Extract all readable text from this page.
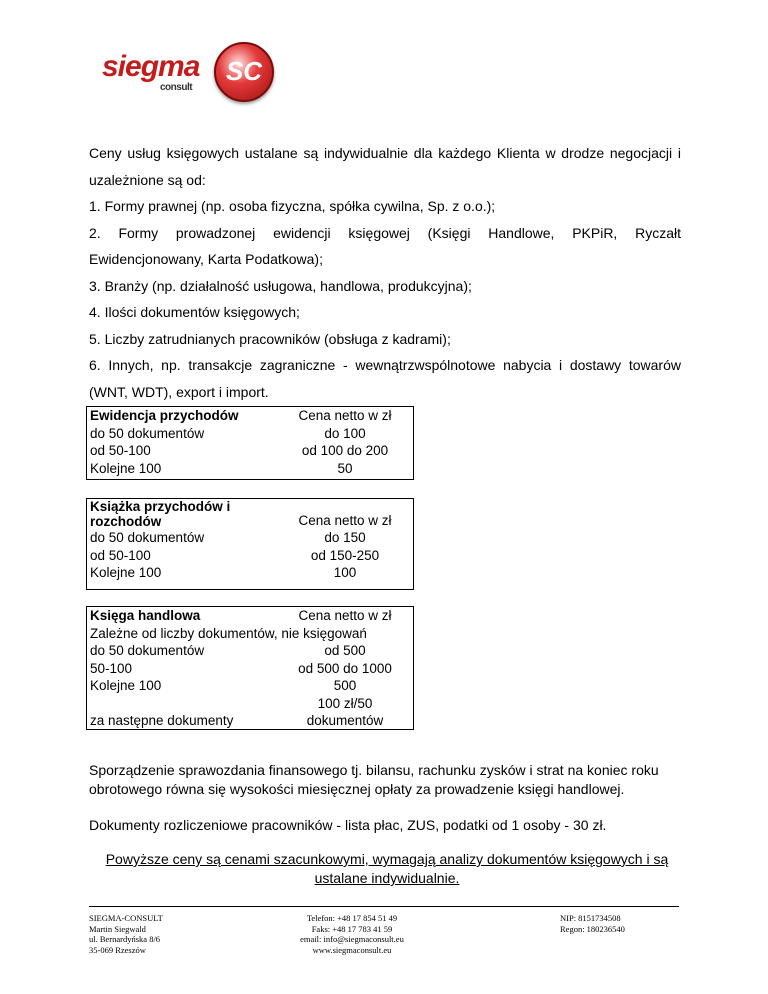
siegma
consult
SC

Ceny usług księgowych ustalane są indywidualnie dla każdego Klienta w drodze negocjacji i

uzależnione są od:

1. Formy prawnej (np. osoba fizyczna, spółka cywilna, Sp. z o.o.);

2. Formy prowadzonej ewidencji księgowej (Księgi Handlowe, PKPiR, Ryczałt

Ewidencjonowany, Karta Podatkowa);

3. Branży (np. działalność usługowa, handlowa, produkcyjna);

4. Ilości dokumentów księgowych;

5. Liczby zatrudnianych pracowników (obsługa z kadrami);

6. Innych, np. transakcje zagraniczne - wewnątrzwspólnotowe nabycia i dostawy towarów

(WNT, WDT), export i import.

Ewidencja przychodów	Cena netto w zł
do 50 dokumentów	do 100
od 50-100	od 100 do 200
Kolejne 100	50
Książka przychodów i
rozchodów	Cena netto w zł
do 50 dokumentów	do 150
od 50-100	od 150-250
Kolejne 100	100
Księga handlowa	Cena netto w zł
Zależne od liczby dokumentów, nie księgowań	
do 50 dokumentów	od 500
50-100	od 500 do 1000
Kolejne 100	500
za następne dokumenty	100 zł/50
dokumentów

Sporządzenie sprawozdania finansowego tj. bilansu, rachunku zysków i strat na koniec roku

obrotowego równa się wysokości miesięcznej opłaty za prowadzenie księgi handlowej.

Dokumenty rozliczeniowe pracowników - lista płac, ZUS, podatki od 1 osoby - 30 zł.

Powyższe ceny są cenami szacunkowymi, wymagają analizy dokumentów księgowych i są
ustalane indywidualnie.
SIEGMA-CONSULT
Martin Siegwald
ul. Bernardyńska 8/6
35-069 Rzeszów
Telefon: +48 17 854 51 49
Faks: +48 17 783 41 59
email: info@siegmaconsult.eu
www.siegmaconsult.eu
NIP: 8151734508
Regon: 180236540
